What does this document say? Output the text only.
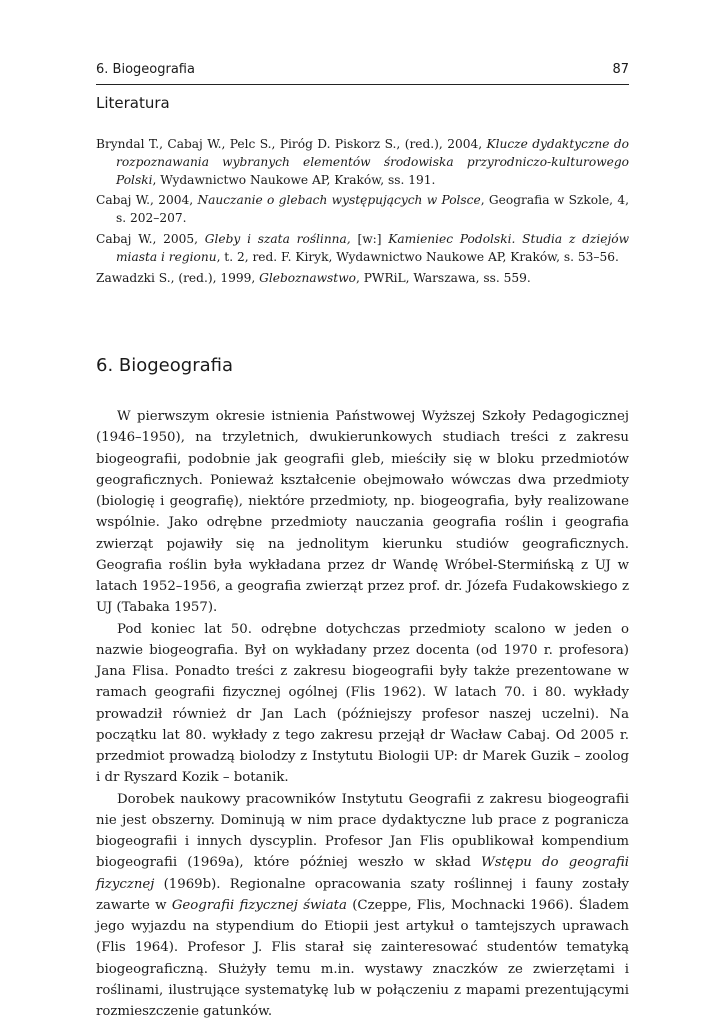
6. Biogeografia	87
Literatura

Bryndal T., Cabaj W., Pelc S., Piróg D. Piskorz S., (red.), 2004, Klucze dydaktyczne do rozpoznawania wybranych elementów środowiska przyrodniczo-kulturowego Polski, Wydawnictwo Naukowe AP, Kraków, ss. 191.

Cabaj W., 2004, Nauczanie o glebach występujących w Polsce, Geografia w Szkole, 4, s. 202–207.

Cabaj W., 2005, Gleby i szata roślinna, [w:] Kamieniec Podolski. Studia z dziejów miasta i regionu, t. 2, red. F. Kiryk, Wydawnictwo Naukowe AP, Kraków, s. 53–56.

Zawadzki S., (red.), 1999, Gleboznawstwo, PWRiL, Warszawa, ss. 559.

6. Biogeografia

W pierwszym okresie istnienia Państwowej Wyższej Szkoły Pedagogicznej (1946–1950), na trzyletnich, dwukierunkowych studiach treści z zakresu biogeografii, podobnie jak geografii gleb, mieściły się w bloku przedmiotów geograficznych. Ponieważ kształcenie obejmowało wówczas dwa przedmioty (biologię i geografię), niektóre przedmioty, np. biogeografia, były realizowane wspólnie. Jako odrębne przedmioty nauczania geografia roślin i geografia zwierząt pojawiły się na jednolitym kierunku studiów geograficznych. Geografia roślin była wykładana przez dr Wandę Wróbel-Stermińską z UJ w latach 1952–1956, a geografia zwierząt przez prof. dr. Józefa Fudakowskiego z UJ (Tabaka 1957).

Pod koniec lat 50. odrębne dotychczas przedmioty scalono w jeden o nazwie biogeografia. Był on wykładany przez docenta (od 1970 r. profesora) Jana Flisa. Ponadto treści z zakresu biogeografii były także prezentowane w ramach geografii fizycznej ogólnej (Flis 1962). W latach 70. i 80. wykłady prowadził również dr Jan Lach (późniejszy profesor naszej uczelni). Na początku lat 80. wykłady z tego zakresu przejął dr Wacław Cabaj. Od 2005 r. przedmiot prowadzą biolodzy z Instytutu Biologii UP: dr Marek Guzik – zoolog i dr Ryszard Kozik – botanik.

Dorobek naukowy pracowników Instytutu Geografii z zakresu biogeografii nie jest obszerny. Dominują w nim prace dydaktyczne lub prace z pogranicza biogeografii i innych dyscyplin. Profesor Jan Flis opublikował kompendium biogeografii (1969a), które później weszło w skład Wstępu do geografii fizycznej (1969b). Regionalne opracowania szaty roślinnej i fauny zostały zawarte w Geografii fizycznej świata (Czeppe, Flis, Mochnacki 1966). Śladem jego wyjazdu na stypendium do Etiopii jest artykuł o tamtejszych uprawach (Flis 1964). Profesor J. Flis starał się zainteresować studentów tematyką biogeograficzną. Służyły temu m.in. wystawy znaczków ze zwierzętami i roślinami, ilustrujące systematykę lub w połączeniu z mapami prezentującymi rozmieszczenie gatunków.
